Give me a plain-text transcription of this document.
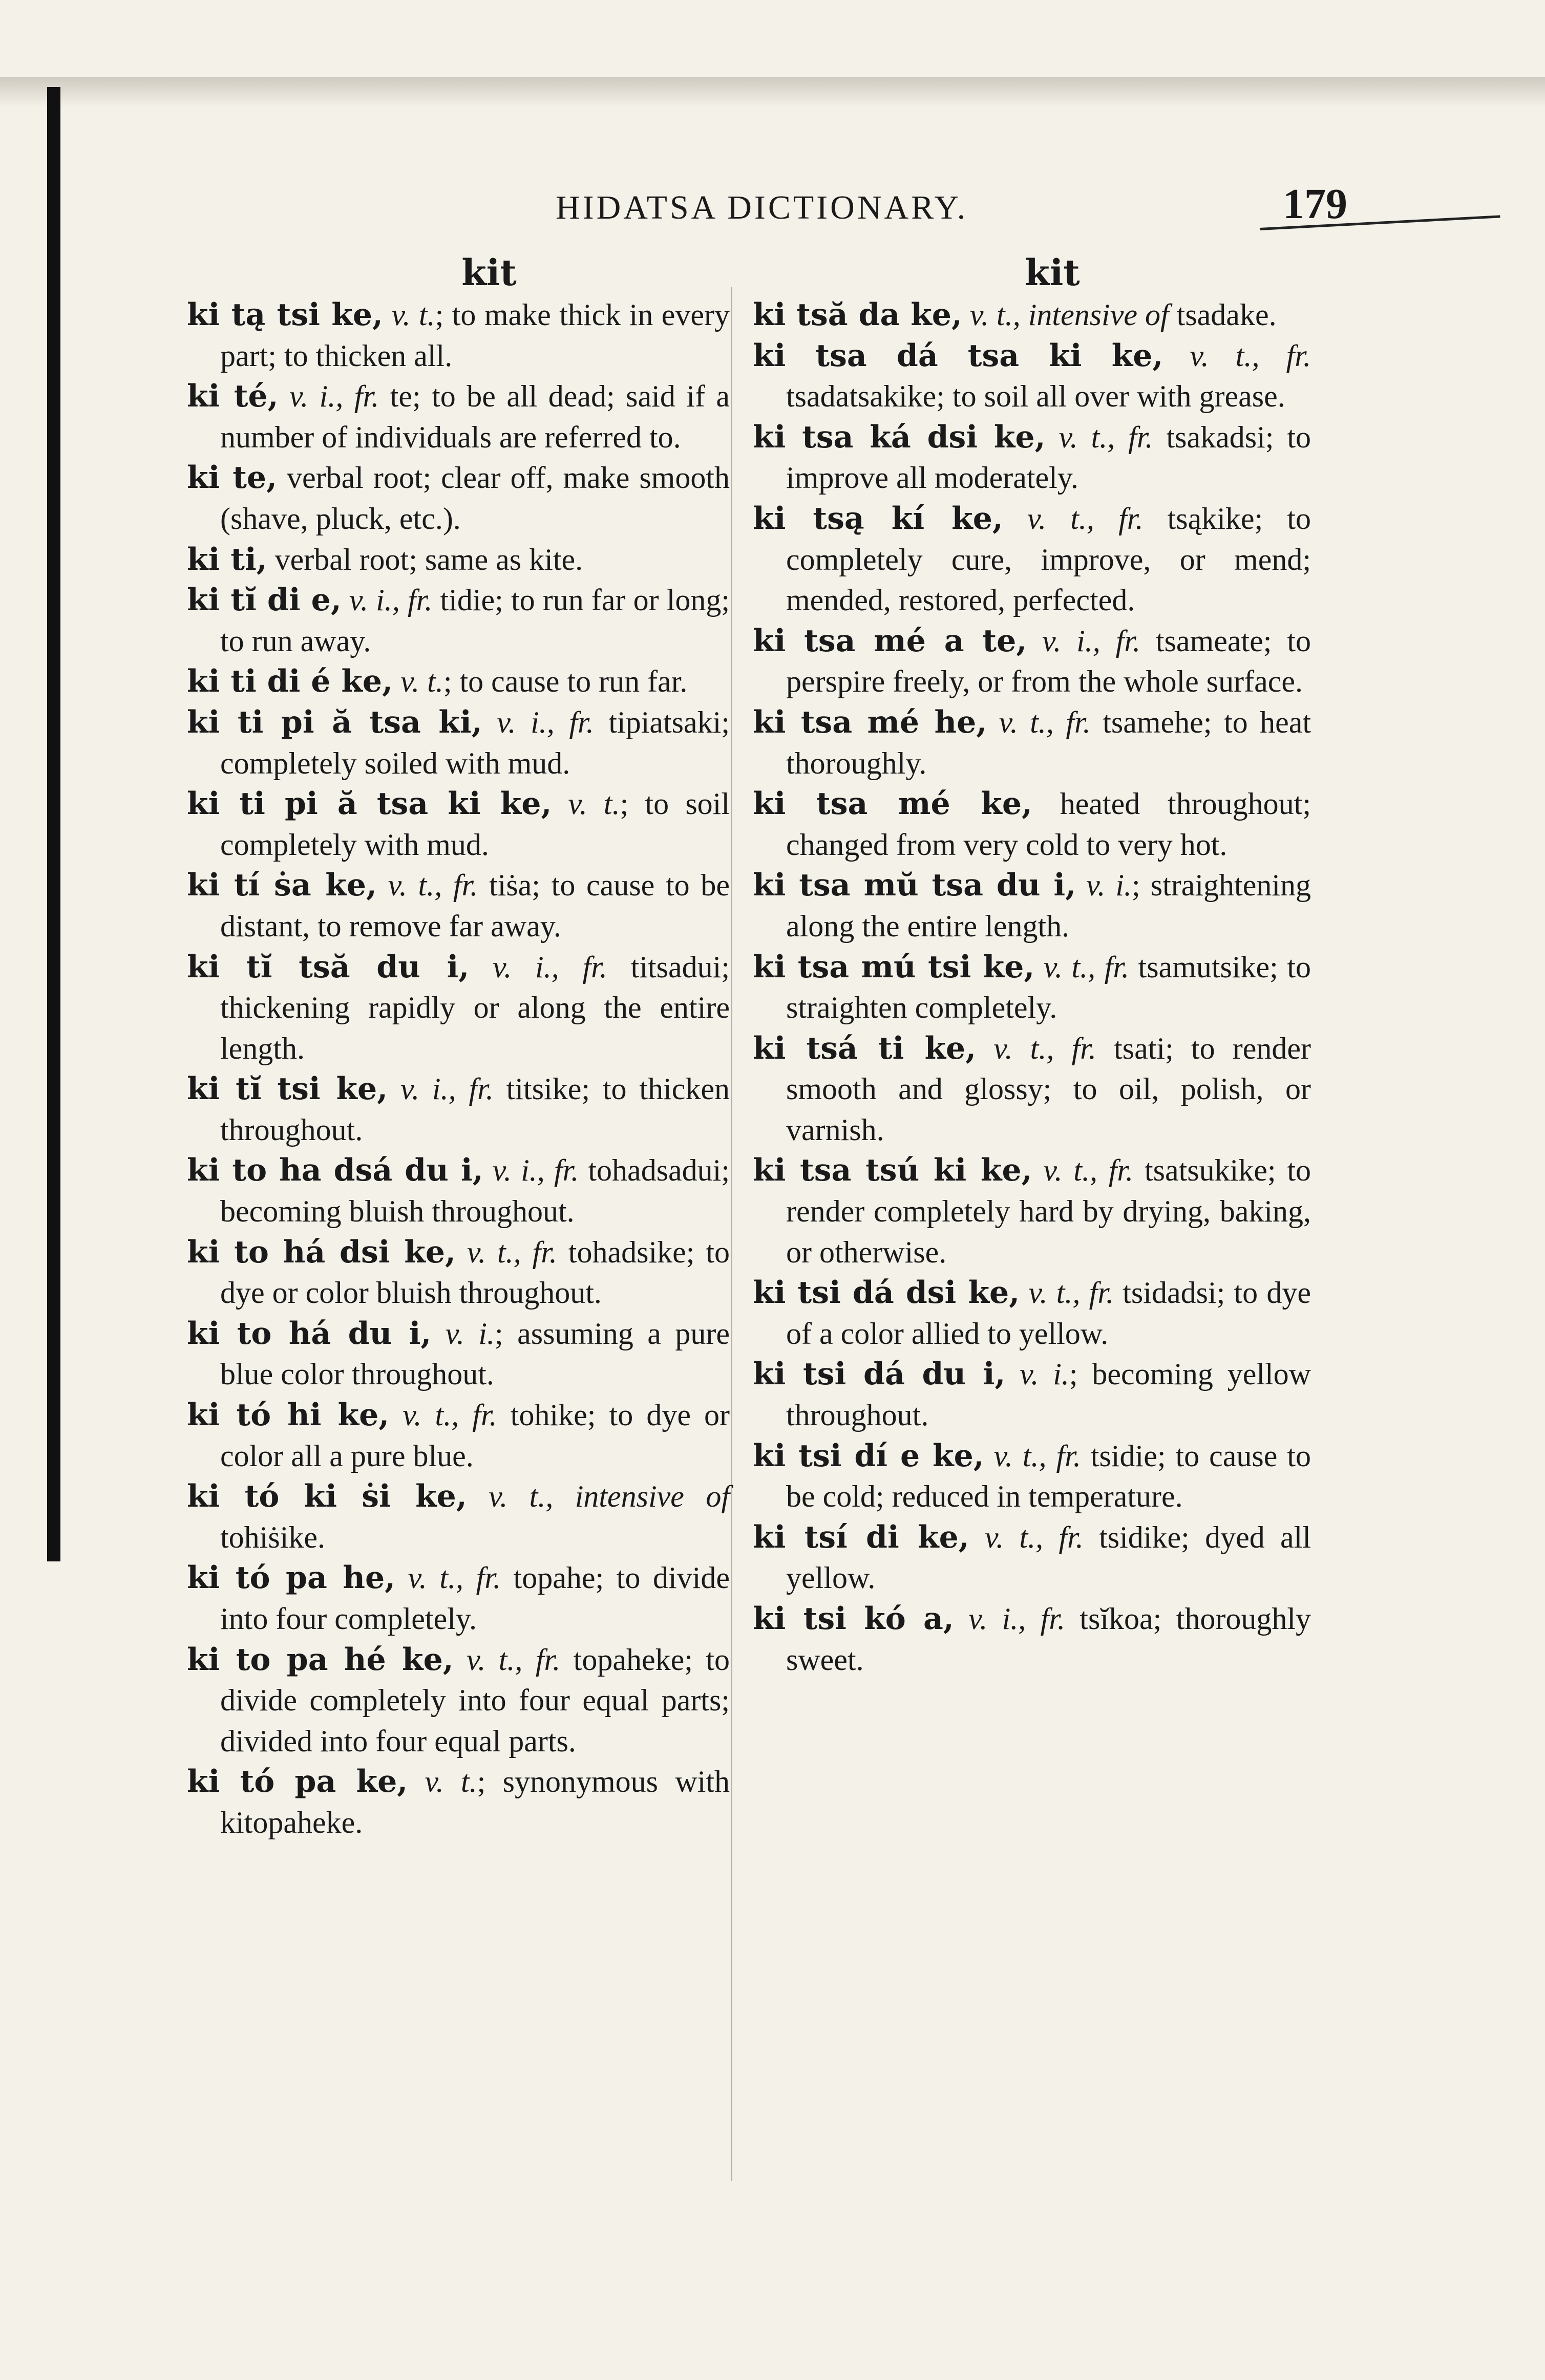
HIDATSA DICTIONARY.	179
kit
ki tą tsi ke, v. t.; to make thick in every part; to thicken all.
ki té, v. i., fr. te; to be all dead; said if a number of individuals are referred to.
ki te, verbal root; clear off, make smooth (shave, pluck, etc.).
ki ti, verbal root; same as kite.
ki tĭ di e, v. i., fr. tidie; to run far or long; to run away.
ki ti di é ke, v. t.; to cause to run far.
ki ti pi ă tsa ki, v. i., fr. tipiatsaki; completely soiled with mud.
ki ti pi ă tsa ki ke, v. t.; to soil completely with mud.
ki tí ṡa ke, v. t., fr. tiṡa; to cause to be distant, to remove far away.
ki tĭ tsă du i, v. i., fr. titsadui; thickening rapidly or along the entire length.
ki tĭ tsi ke, v. i., fr. titsike; to thicken throughout.
ki to ha dsá du i, v. i., fr. tohadsadui; becoming bluish throughout.
ki to há dsi ke, v. t., fr. tohadsike; to dye or color bluish throughout.
ki to há du i, v. i.; assuming a pure blue color throughout.
ki tó hi ke, v. t., fr. tohike; to dye or color all a pure blue.
ki tó ki ṡi ke, v. t., intensive of tohiṡike.
ki tó pa he, v. t., fr. topahe; to divide into four completely.
ki to pa hé ke, v. t., fr. topaheke; to divide completely into four equal parts; divided into four equal parts.
ki tó pa ke, v. t.; synonymous with kitopaheke.
kit
ki tsă da ke, v. t., intensive of tsadake.
ki tsa dá tsa ki ke, v. t., fr. tsadatsakike; to soil all over with grease.
ki tsa ká dsi ke, v. t., fr. tsakadsi; to improve all moderately.
ki tsą kí ke, v. t., fr. tsąkike; to completely cure, improve, or mend; mended, restored, perfected.
ki tsa mé a te, v. i., fr. tsameate; to perspire freely, or from the whole surface.
ki tsa mé he, v. t., fr. tsamehe; to heat thoroughly.
ki tsa mé ke, heated throughout; changed from very cold to very hot.
ki tsa mŭ tsa du i, v. i.; straightening along the entire length.
ki tsa mú tsi ke, v. t., fr. tsamutsike; to straighten completely.
ki tsá ti ke, v. t., fr. tsati; to render smooth and glossy; to oil, polish, or varnish.
ki tsa tsú ki ke, v. t., fr. tsatsukike; to render completely hard by drying, baking, or otherwise.
ki tsi dá dsi ke, v. t., fr. tsidadsi; to dye of a color allied to yellow.
ki tsi dá du i, v. i.; becoming yellow throughout.
ki tsi dí e ke, v. t., fr. tsidie; to cause to be cold; reduced in temperature.
ki tsí di ke, v. t., fr. tsidike; dyed all yellow.
ki tsi kó a, v. i., fr. tsĭkoa; thoroughly sweet.
